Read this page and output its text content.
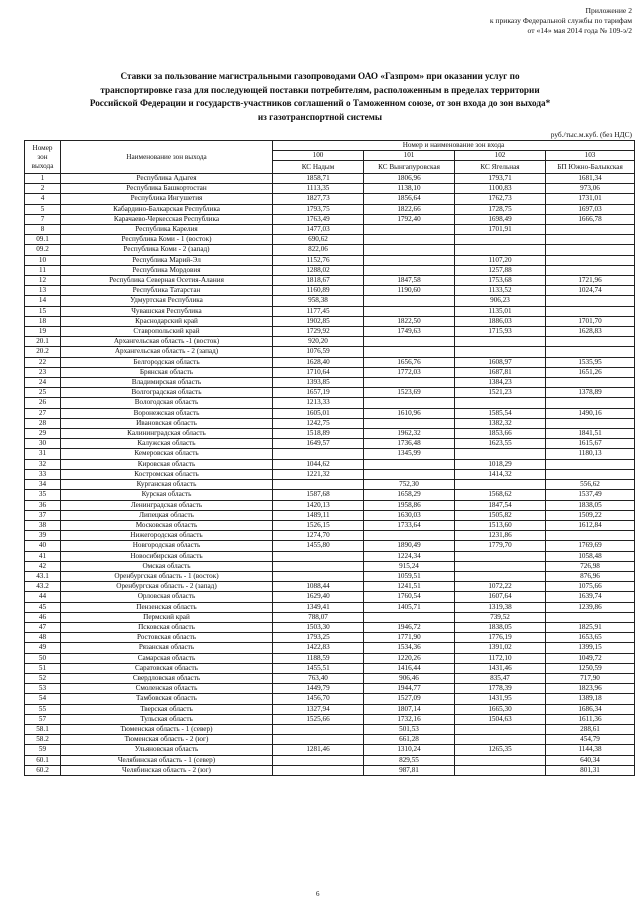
Приложение 2
к приказу Федеральной службы по тарифам
от «14» мая 2014 года № 109-э/2
Ставки за пользование магистральными газопроводами ОАО «Газпром» при оказании услуг по
транспортировке газа для последующей поставки потребителям, расположенным в пределах территории
Российской Федерации и государств-участников соглашений о Таможенном союзе, от зон входа до зон выхода*
из газотранспортной системы
руб./тыс.м.куб. (без НДС)
Номер зон выхода	Наименование зон выхода	Номер и наименование зон входа			
		100	101	102	103
		КС Надым	КС Вынгапуровская	КС Ягельная	БП Южно-Балыкская
1	Республика Адыгея	1858,71	1806,96	1793,71	1681,34
2	Республика Башкортостан	1113,35	1138,10	1100,83	973,06
4	Республика Ингушетия	1827,73	1856,64	1762,73	1731,01
5	Кабардино-Балкарская Республика	1793,75	1822,66	1728,75	1697,03
7	Карачаево-Черкесская Республика	1763,49	1792,40	1698,49	1666,78
8	Республика Карелия	1477,03		1701,91	
09.1	Республика Коми - 1 (восток)	690,62			
09.2	Республика Коми - 2 (запад)	822,06			
10	Республика Марий-Эл	1152,76		1107,20	
11	Республика Мордовия	1288,02		1257,88	
12	Республика Северная Осетия-Алания	1818,67	1847,58	1753,68	1721,96
13	Республика Татарстан	1160,89	1190,60	1133,52	1024,74
14	Удмуртская Республика	958,38		906,23	
15	Чувашская Республика	1177,45		1135,01	
18	Краснодарский край	1902,85	1822,50	1886,03	1701,70
19	Ставропольский край	1729,92	1749,63	1715,93	1628,83
20.1	Архангельская область -1 (восток)	920,20			
20.2	Архангельская область - 2 (запад)	1076,59			
22	Белгородская область	1628,40	1656,76	1608,97	1535,95
23	Брянская область	1710,64	1772,03	1687,81	1651,26
24	Владимирская область	1393,85		1384,23	
25	Волгоградская область	1657,19	1523,69	1521,23	1378,89
26	Вологодская область	1213,33			
27	Воронежская область	1605,01	1610,96	1585,54	1490,16
28	Ивановская область	1242,75		1382,32	
29	Калининградская область	1518,89	1962,32	1853,66	1841,51
30	Калужская область	1649,57	1736,48	1623,55	1615,67
31	Кемеровская область		1345,99		1180,13
32	Кировская область	1044,62		1018,29	
33	Костромская область	1221,32		1414,32	
34	Курганская область		752,30		556,62
35	Курская область	1587,68	1658,29	1568,62	1537,49
36	Ленинградская область	1420,13	1958,86	1847,54	1838,05
37	Липецкая область	1489,11	1630,03	1505,82	1509,22
38	Московская область	1526,15	1733,64	1513,60	1612,84
39	Нижегородская область	1274,70		1231,86	
40	Новгородская область	1455,80	1890,49	1779,70	1769,69
41	Новосибирская область		1224,34		1058,48
42	Омская область		915,24		726,98
43.1	Оренбургская область - 1 (восток)		1059,51		876,96
43.2	Оренбургская область - 2 (запад)	1088,44	1241,51	1072,22	1075,66
44	Орловская область	1629,40	1760,54	1607,64	1639,74
45	Пензенская область	1349,41	1405,71	1319,38	1239,86
46	Пермский край	788,07		739,52	
47	Псковская область	1503,30	1946,72	1838,05	1825,91
48	Ростовская область	1793,25	1771,90	1776,19	1653,65
49	Рязанская область	1422,83	1534,36	1391,02	1399,15
50	Самарская область	1188,59	1220,26	1172,10	1049,72
51	Саратовская область	1455,51	1416,44	1431,46	1250,59
52	Свердловская область	763,40	906,46	835,47	717,90
53	Смоленская область	1449,79	1944,77	1778,39	1823,96
54	Тамбовская область	1456,70	1527,09	1431,95	1389,18
55	Тверская область	1327,94	1807,14	1665,30	1686,34
57	Тульская область	1525,66	1732,16	1504,63	1611,36
58.1	Тюменская область - 1 (север)		501,53		288,61
58.2	Тюменская область - 2 (юг)		661,28		454,79
59	Ульяновская область	1281,46	1310,24	1265,35	1144,38
60.1	Челябинская область - 1 (север)		829,55		640,34
60.2	Челябинская область - 2 (юг)		987,81		801,31
6
